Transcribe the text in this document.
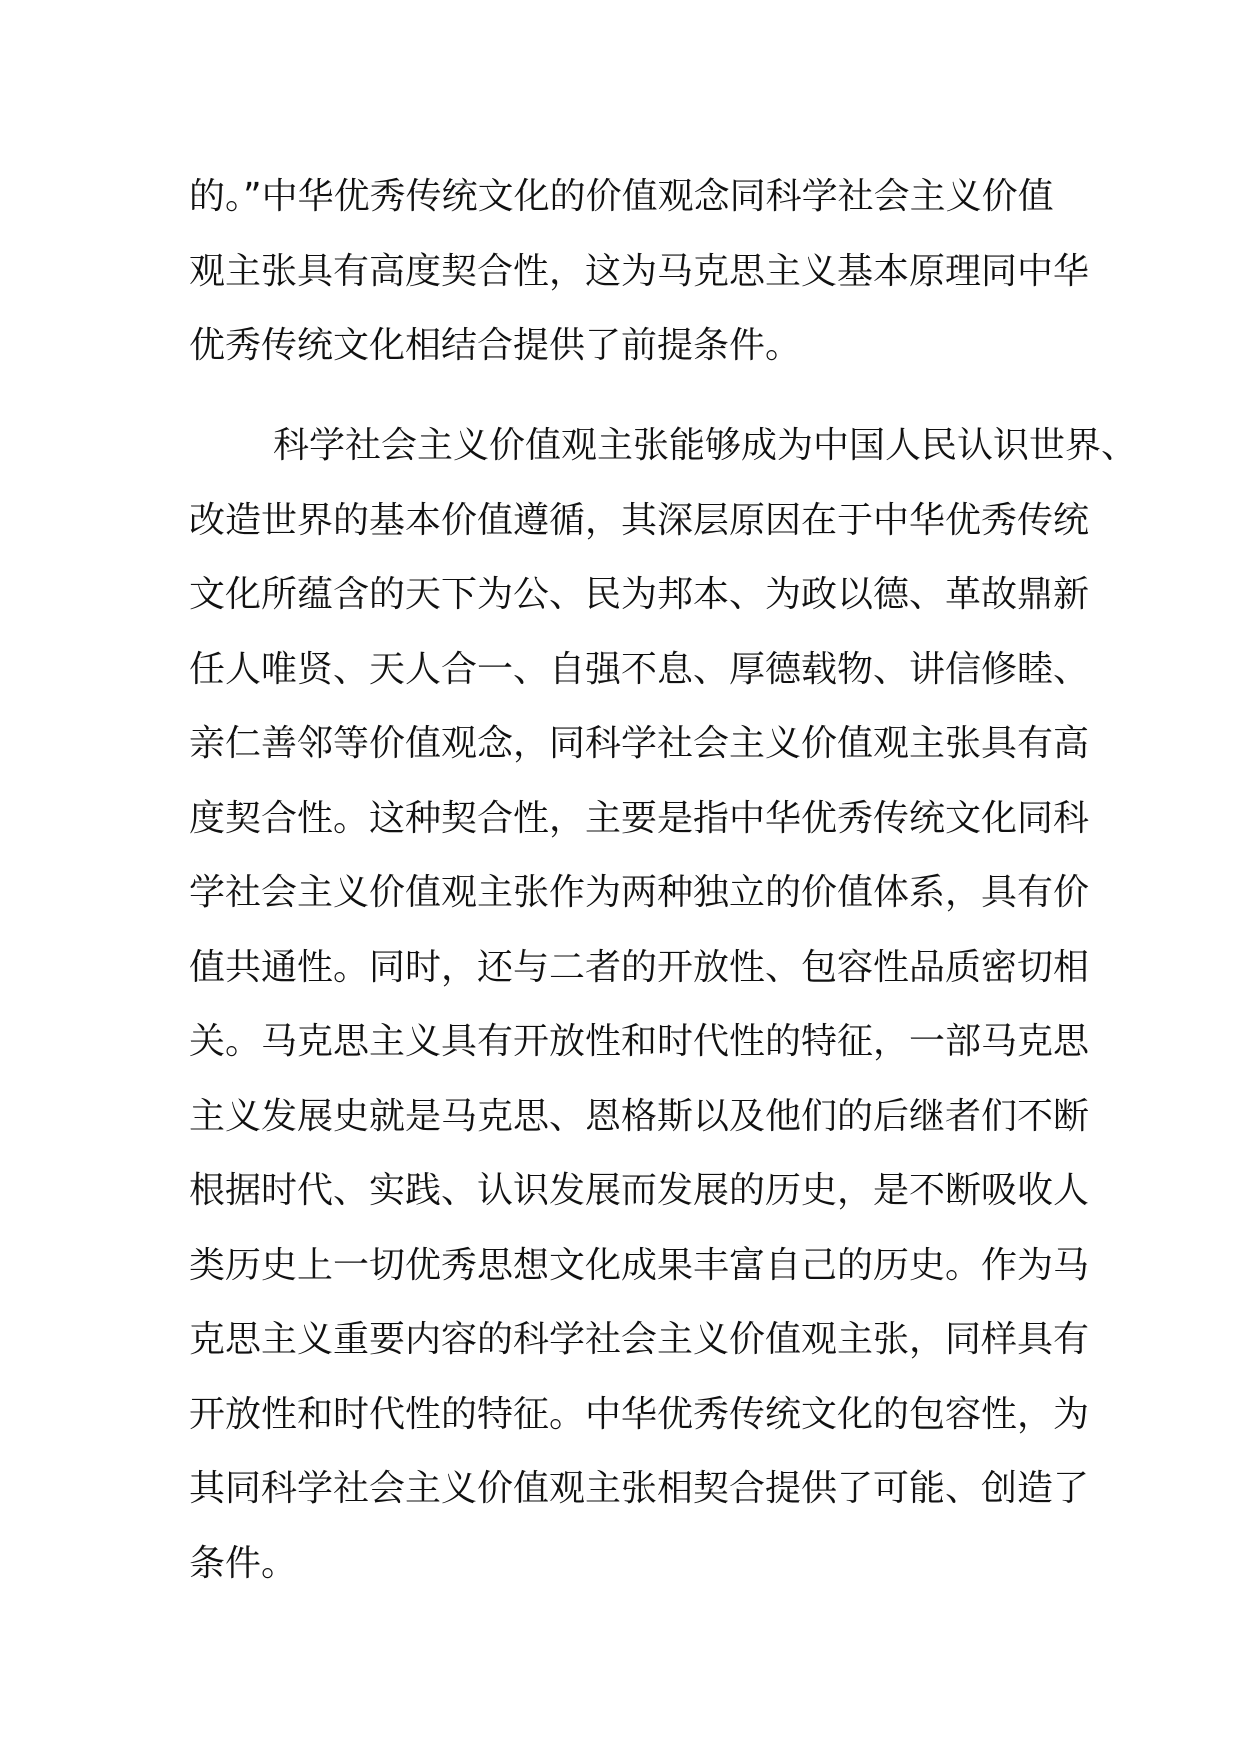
的。”中华优秀传统文化的价值观念同科学社会主义价值
观主张具有高度契合性，这为马克思主义基本原理同中华
优秀传统文化相结合提供了前提条件。
科学社会主义价值观主张能够成为中国人民认识世界、
改造世界的基本价值遵循，其深层原因在于中华优秀传统
文化所蕴含的天下为公、民为邦本、为政以德、革故鼎新
任人唯贤、天人合一、自强不息、厚德载物、讲信修睦、
亲仁善邻等价值观念，同科学社会主义价值观主张具有高
度契合性。这种契合性，主要是指中华优秀传统文化同科
学社会主义价值观主张作为两种独立的价值体系，具有价
值共通性。同时，还与二者的开放性、包容性品质密切相
关。马克思主义具有开放性和时代性的特征，一部马克思
主义发展史就是马克思、恩格斯以及他们的后继者们不断
根据时代、实践、认识发展而发展的历史，是不断吸收人
类历史上一切优秀思想文化成果丰富自己的历史。作为马
克思主义重要内容的科学社会主义价值观主张，同样具有
开放性和时代性的特征。中华优秀传统文化的包容性，为
其同科学社会主义价值观主张相契合提供了可能、创造了
条件。
